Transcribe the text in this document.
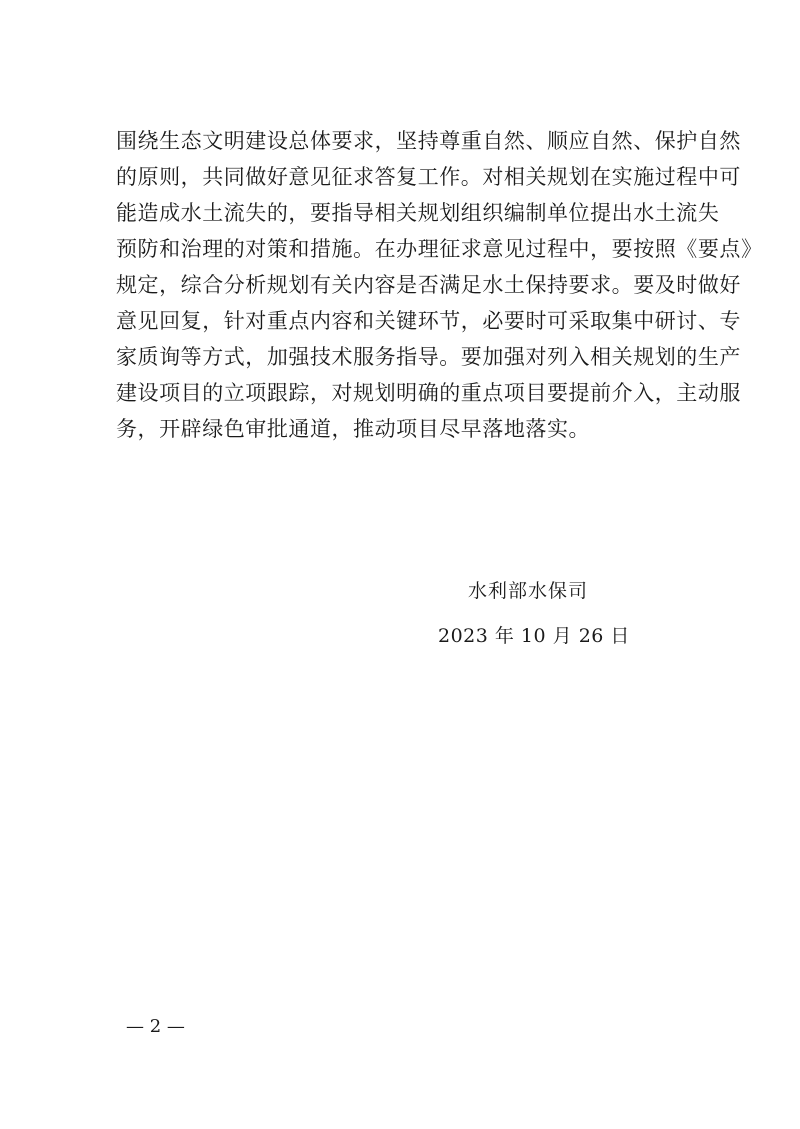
围绕生态文明建设总体要求，坚持尊重自然、顺应自然、保护自然
的原则，共同做好意见征求答复工作。对相关规划在实施过程中可
能造成水土流失的，要指导相关规划组织编制单位提出水土流失
预防和治理的对策和措施。在办理征求意见过程中，要按照《要点》
规定，综合分析规划有关内容是否满足水土保持要求。要及时做好
意见回复，针对重点内容和关键环节，必要时可采取集中研讨、专
家质询等方式，加强技术服务指导。要加强对列入相关规划的生产
建设项目的立项跟踪，对规划明确的重点项目要提前介入，主动服
务，开辟绿色审批通道，推动项目尽早落地落实。
水利部水保司
2023 年 10 月 26 日
— 2 —
